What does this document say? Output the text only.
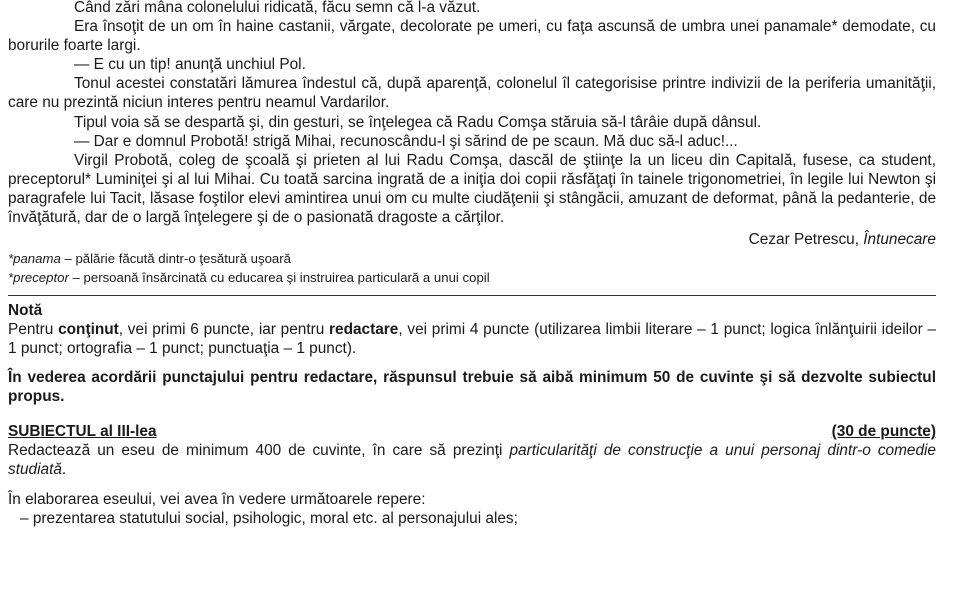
Când zări mâna colonelului ridicată, făcu semn că l-a văzut.

Era însoţit de un om în haine castanii, vărgate, decolorate pe umeri, cu faţa ascunsă de umbra unei panamale* demodate, cu borurile foarte largi.

— E cu un tip! anunţă unchiul Pol.

Tonul acestei constatări lămurea îndestul că, după aparenţă, colonelul îl categorisise printre indivizii de la periferia umanităţii, care nu prezintă niciun interes pentru neamul Vardarilor.

Tipul voia să se despartă şi, din gesturi, se înţelegea că Radu Comşa stăruia să-l târâie după dânsul.

— Dar e domnul Probotă! strigă Mihai, recunoscându-l şi sărind de pe scaun. Mă duc să-l aduc!...

Virgil Probotă, coleg de şcoală şi prieten al lui Radu Comşa, dascăl de ştiinţe la un liceu din Capitală, fusese, ca student, preceptorul* Luminiţei şi al lui Mihai. Cu toată sarcina ingrată de a iniţia doi copii răsfăţaţi în tainele trigonometriei, în legile lui Newton şi paragrafele lui Tacit, lăsase foştilor elevi amintirea unui om cu multe ciudăţenii şi stângăcii, amuzant de deformat, până la pedanterie, de învăţătură, dar de o largă înţelegere şi de o pasionată dragoste a cărţilor.

Cezar Petrescu, Întunecare

*panama – pălărie făcută dintr-o ţesătură uşoară

*preceptor – persoană însărcinată cu educarea şi instruirea particulară a unui copil

Notă

Pentru conţinut, vei primi 6 puncte, iar pentru redactare, vei primi 4 puncte (utilizarea limbii literare – 1 punct; logica înlănţuirii ideilor – 1 punct; ortografia – 1 punct; punctuaţia – 1 punct).

În vederea acordării punctajului pentru redactare, răspunsul trebuie să aibă minimum 50 de cuvinte şi să dezvolte subiectul propus.

SUBIECTUL al III-lea	(30 de puncte)

Redactează un eseu de minimum 400 de cuvinte, în care să prezinţi particularităţi de construcţie a unui personaj dintr-o comedie studiată.

În elaborarea eseului, vei avea în vedere următoarele repere:

– prezentarea statutului social, psihologic, moral etc. al personajului ales;
